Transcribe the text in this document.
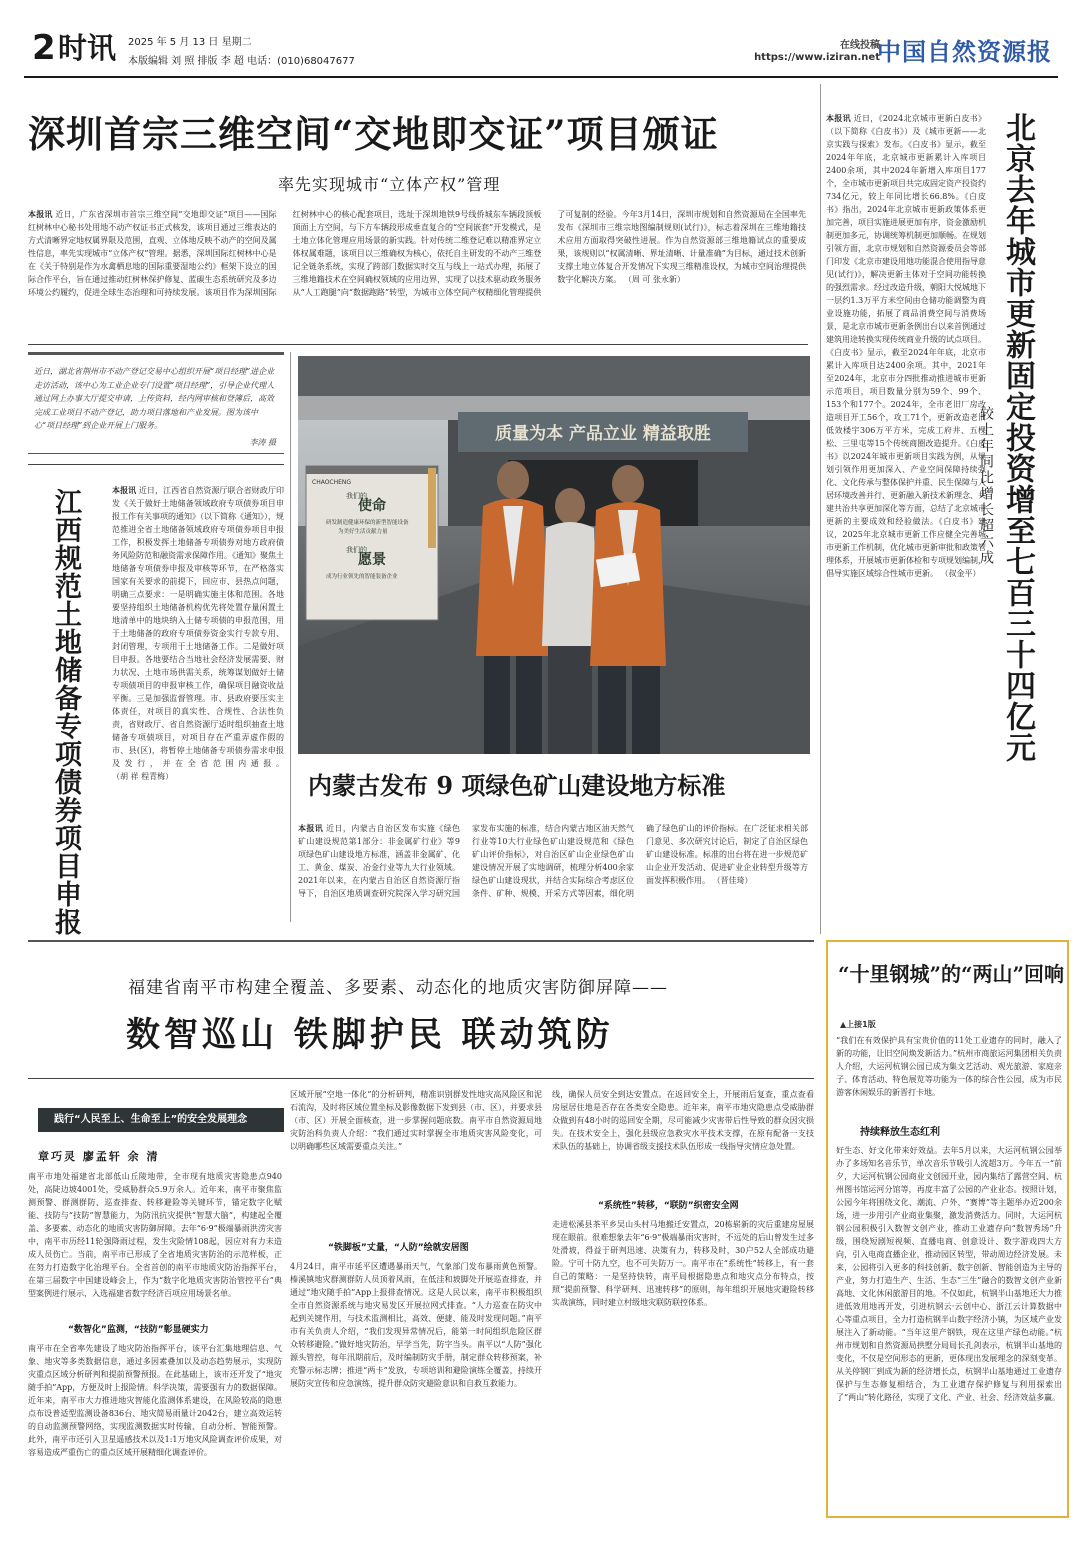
2 时讯 2025 年 5 月 13 日 星期二
本版编辑 刘 照 排版 李 超 电话：(010)68047677
在线投稿
https://www.iziran.net
中国自然资源报
深圳首宗三维空间“交地即交证”项目颁证
率先实现城市“立体产权”管理
本报讯 近日，广东省深圳市首宗三维空间“交地即交证”项目——国际红树林中心秘书处用地不动产权证书正式核发，该项目通过三维表达的方式清晰界定地权属界限及范围，直观、立体地反映不动产的空间及属性信息，率先实现城市“立体产权”管理。据悉，深圳国际红树林中心是在《关于特别是作为水禽栖息地的国际重要湿地公约》框架下设立的国际合作平台，旨在通过推动红树林保护修复、蓝碳生态系统研究及多边环境公约履约，促进全球生态治理和可持续发展。该项目作为深圳国际红树林中心的核心配套项目，选址于深圳地铁9号线侨城东车辆段顶板顶面上方空间，与下方车辆段形成垂直复合的“空间嵌套”开发模式，是土地立体化管理应用场景的新实践。针对传统二维登记难以精准界定立体权属难题，该项目以三维确权为核心，依托自主研发的不动产三维登记全链条系统，实现了跨部门数据实时交互与线上一站式办理，拓展了三维地籍技术在空间确权领域的应用边界，实现了以技术驱动政务服务从“人工跑腿”向“数据跑路”转型，为城市立体空间产权精细化管理提供了可复制的经验。今年3月14日，深圳市规划和自然资源局在全国率先发布《深圳市三维宗地图编制规则(试行)》，标志着深圳在三维地籍技术应用方面取得突破性进展。作为自然资源部三维地籍试点的重要成果，该规则以“权属清晰、界址清晰、计量准确”为目标，通过技术创新支撑土地立体复合开发情况下实现三维精准设权，为城市空间治理提供数字化解决方案。 （周 可 张永新）
近日，湖北省荆州市不动产登记交易中心组织开展“项目经理”进企业走访活动，该中心为工业企业专门设置“项目经理”，引导企业代理人通过网上办事大厅提交申请，上传资料，经内网审核和登簿后，高效完成工业项目不动产登记，助力项目落地和产业发展。图为该中心“项目经理”到企业开展上门服务。
李涛 摄
江西规范土地储备专项债券项目申报	本报讯 近日，江西省自然资源厅联合省财政厅印发《关于做好土地储备领域政府专项债券项目申报工作有关事项的通知》（以下简称《通知》），规范推进全省土地储备领域政府专项债券项目申报工作，积极发挥土地储备专项债券对地方政府债务风险防范和融资需求保障作用。《通知》聚焦土地储备专项债券申报及审核等环节，在严格落实国家有关要求的前提下，回应市、县热点问题，明确三点要求：一是明确实施主体和范围。各地要坚持组织土地储备机构优先将处置存量闲置土地清单中的地块纳入土储专项债的申报范围，用于土地储备的政府专项债券资金实行专款专用、封闭管理，专项用于土地储备工作。二是做好项目申报。各地要结合当地社会经济发展需要、财力状况、土地市场供需关系，统筹谋划做好土储专项债项目的申报审核工作，确保项目融资收益平衡。三是加强监督管理。市、县政府要压实主体责任，对项目的真实性、合规性、合法性负责，省财政厅、省自然资源厅适时组织抽查土地储备专项债项目，对项目存在严重弄虚作假的市、县(区)，将暂停土地储备专项债券需求申报及发行，并在全省范围内通报。 （胡 祥 程青梅）
质量为本 产品立业 精益取胜
CHAOCHENG
我们的
使命
研发制造健康环保的新型智能设备
为美好生活贡献力量
我们的
愿景
成为行业领先的智能装备企业
内蒙古发布 9 项绿色矿山建设地方标准
本报讯 近日，内蒙古自治区发布实施《绿色矿山建设规范第1部分：非金属矿行业》等9项绿色矿山建设地方标准，涵盖非金属矿、化工、黄金、煤炭、冶金行业等九大行业领域。2021年以来，在内蒙古自治区自然资源厅指导下，自治区地质调查研究院深入学习研究国家发布实施的标准，结合内蒙古地区油天然气行业等10大行业绿色矿山建设规范和《绿色矿山评价指标》，对自治区矿山企业绿色矿山建设情况开展了实地调研，梳理分析400余家绿色矿山建设现状，并结合实际综合考虑区位条件、矿种、规模、开采方式等因素，细化明确了绿色矿山的评价指标。在广泛征求相关部门意见、多次研究讨论后，制定了自治区绿色矿山建设标准。标准的出台将在进一步规范矿山企业开发活动、促进矿业企业转型升级等方面发挥积极作用。 （晋佳琦）
本报讯 近日，《2024北京城市更新白皮书》（以下简称《白皮书》）及《城市更新——北京实践与探索》发布。《白皮书》显示，截至2024年年底，北京城市更新累计入库项目2400余项，其中2024年新增入库项目177个，全市城市更新项目共完成固定资产投资约734亿元，较上年同比增长66.8%。《白皮书》指出，2024年北京城市更新政策体系更加完善，项目实施进展更加有序，资金激励机制更加多元，协调统筹机制更加顺畅。在规划引领方面，北京市规划和自然资源委员会等部门印发《北京市建设用地功能混合使用指导意见(试行)》，解决更新主体对于空间功能转换的强烈需求。经过改造升级，朝阳大悦城地下一层约1.3万平方米空间由仓储功能调整为商业设施功能，拓展了商品消费空间与消费场景，是北京市城市更新条例出台以来首例通过建筑用途转换实现传统商业升级的试点项目。《白皮书》显示，截至2024年年底，北京市累计入库项目达2400余项。其中，2021年至2024年，北京市分四批推动推进城市更新示范项目，项目数量分别为59个、99个、153个和177个。2024年，全市老旧厂房改造项目开工56个，攻工71个，更新改造老旧低效楼宇306万平方米，完成工府井、五棵松、三里屯等15个传统商圈改造提升。《白皮书》以2024年城市更新项目实践为例，从规划引领作用更加深入、产业空间保障持续强化、文化传承与整体保护并重、民生保障与人居环境改善并行、更新融入新技术新理念、共建共治共享更加深化等方面，总结了北京城市更新的主要成效和经验做法。《白皮书》建议，2025年北京城市更新工作应健全完善城市更新工作机制，优化城市更新审批和政策管理体系，开展城市更新体检和专项规划编制，倡导实施区域综合性城市更新。 （叔金平） 北京去年城市更新固定投资增至七百三十四亿元
较上年同比增长超六成
“十里钢城”的“两山”回响
▲上接1版
“我们在有效保护具有宝贵价值的11处工业遗存的同时，融入了新的功能，让旧空间焕发新活力。”杭州市商旅运河集团相关负责人介绍，大运河杭钢公园已成为集文艺活动、观光旅游、家庭亲子、体育活动、特色展览等功能为一体的综合性公园，成为市民游客休闲娱乐的新晋打卡地。
持续释放生态红利
好生态、好文化带来好效益。去年5月以来，大运河杭钢公园举办了多场知名音乐节，单次音乐节吸引人流超3万。今年五一“前夕，大运河杭钢公园商业文创园开业，园内集结了露营空间、杭州图书馆运河分馆等，再度丰富了公园的产业业态。按照计划，公园今年将围绕文化、潮流、户外、“赛博”等主题举办近200余场，进一步用引产业商业集聚，激发消费活力。同时，大运河杭钢公园积极引入数智文创产业，推动工业遗存向“数智秀场”升级，围绕短剧短视频、直播电商、创意设计、数字游戏四大方向，引入电商直播企业，推动园区转型，带动周边经济发展。未来，公园将引入更多的科技创新、数字创新、智能创造为主导的产业，努力打造生产、生活、生态“三生”融合的数智文创产业新高地、文化休闲旅游目的地。不仅如此，杭钢半山基地还大力推进低效用地再开发，引进杭钢云·云创中心、浙江云计算数据中心等重点项目，全力打造杭钢半山数字经济小镇，为区域产业发展注入了新动能。“当年这里产钢铁，现在这里产绿色动能。”杭州市规划和自然资源局拱墅分局局长孔剑表示，杭钢半山基地的变化，不仅是空间形态的更新，更体现出发展理念的深刻变革。从关停钢厂到成为新的经济增长点，杭钢半山基地通过工业遗存保护与生态修复相结合，为工业遗存保护修复与利用探索出了“两山”转化路径，实现了文化、产业、社会、经济效益多赢。
福建省南平市构建全覆盖、多要素、动态化的地质灾害防御屏障——
数智巡山 铁脚护民 联动筑防
践行“人民至上、生命至上”的安全发展理念
章巧灵 廖孟轩 余 清
南平市地处福建省北部低山丘陵地带，全市现有地质灾害隐患点940处，高陡边坡4001处，受威胁群众5.9万余人。近年来，南平市聚焦监测预警、群测群防、巡查排查、转移避险等关键环节，锚定数字化赋能、技防与“技防”智慧能力，为防汛抗灾提供“智慧大脑”，构建起全覆盖、多要素、动态化的地质灾害防御屏障。去年“6·9”极端暴雨洪涝灾害中，南平市历经11轮强降雨过程，发生灾险情108起，因应对有力未造成人员伤亡。当前，南平市已形成了全省地质灾害防治的示范样板，正在努力打造数字化治理平台。全省首创的南平市地质灾防治指挥平台，在第三届数字中国建设峰会上，作为“数字化地质灾害防治管控平台”典型案例进行展示，入选福建省数字经济百项应用场景名单。
“数智化”监测，“技防”彰显硬实力
南平市在全省率先建设了地灾防治指挥平台，该平台汇集地理信息、气象、地灾等多类数据信息，通过多因素叠加以及动态趋势展示，实现防灾重点区域分析研判和提前预警预报。在此基础上，该市还开发了“地灾随手拍”App，方便及时上报险情。科学决策，需要强有力的数据保障。近年来，南平市大力推进地灾智能化监测体系建设，在风险较高的隐患点布设普适型监测设备836台、地灾简易雨量计2042台，建立高效运转的自动监测预警网络，实现监测数据实时传输、自动分析、智能预警。此外，南平市还引入卫星遥感技术以及1:1万地灾风险调查评价成果，对容易造成严重伤亡的重点区域开展精细化调查评价。
区域开展“空地一体化”的分析研判，精准识别群发性地灾高风险区和泥石流沟，及时将区域位置坐标及影像数据下发到县（市、区），并要求县（市、区）开展全面核查，进一步掌握问题底数。南平市自然资源局地灾防治科负责人介绍：“我们通过实时掌握全市地质灾害风险变化，可以明确哪些区域需要重点关注。”
“铁脚板”丈量，“人防”绘就安居图
4月24日，南平市延平区遭遇暴雨天气，气象部门发布暴雨黄色预警。榛溪镇地灾群测群防人员顶着风雨，在低洼和坡脚处开展巡查排查，并通过“地灾随手拍”App上报排查情况。这是人民以来，南平市积极组织全市自然资源系统与地灾易发区开展拉网式排查。“人力巡查在防灾中起到关键作用，与技术监测相比，高效、便捷、能及时发现问题。”南平市有关负责人介绍，“我们发现异常情况后，能第一时间组织危险区群众转移避险。”做好地灾防治，早学当先，防字当头。南平以“人防”强化源头管控，每年汛期前后，及时编制防灾手册，制定群众转移预案，补充警示标志牌；推进“两卡”发放，专项培训和避险演练全覆盖，持续开展防灾宣传和应急演练，提升群众防灾避险意识和自救互救能力。
线，确保人员安全到达安置点。在返回安全上，开展雨后复查，重点查看房屋居住地是否存在各类安全隐患。近年来，南平市地灾隐患点受威胁群众做到有48小时的巡回安全期，尽可能减少灾害带后性导致的群众因灾损失。在技术安全上，强化县级应急救灾水平技术支撑，在原有配备一支技术队伍的基础上，协调省级支援技术队伍形成一线指导灾情应急处置。
“系统性”转移，“联防”织密安全网
走进松溪县茶平乡吴山头村马地搬迁安置点，20栋崭新的灾后重建房屋展现在眼前。很难想象去年“6·9”极端暴雨灾害时，不远处的后山曾发生过多处滑坡，得益于研判迅速、决策有力，转移及时，30户52人全部成功避险。宁可十防九空，也不可失防万一。南平市在“系统性”转移上，有一套自己的策略：一是坚持快转，南平局根据隐患点和地灾点分布特点，按照“提前预警、科学研判、迅速转移”的原则，每年组织开展地灾避险转移实战演练，同时建立村级地灾联防联控体系。
